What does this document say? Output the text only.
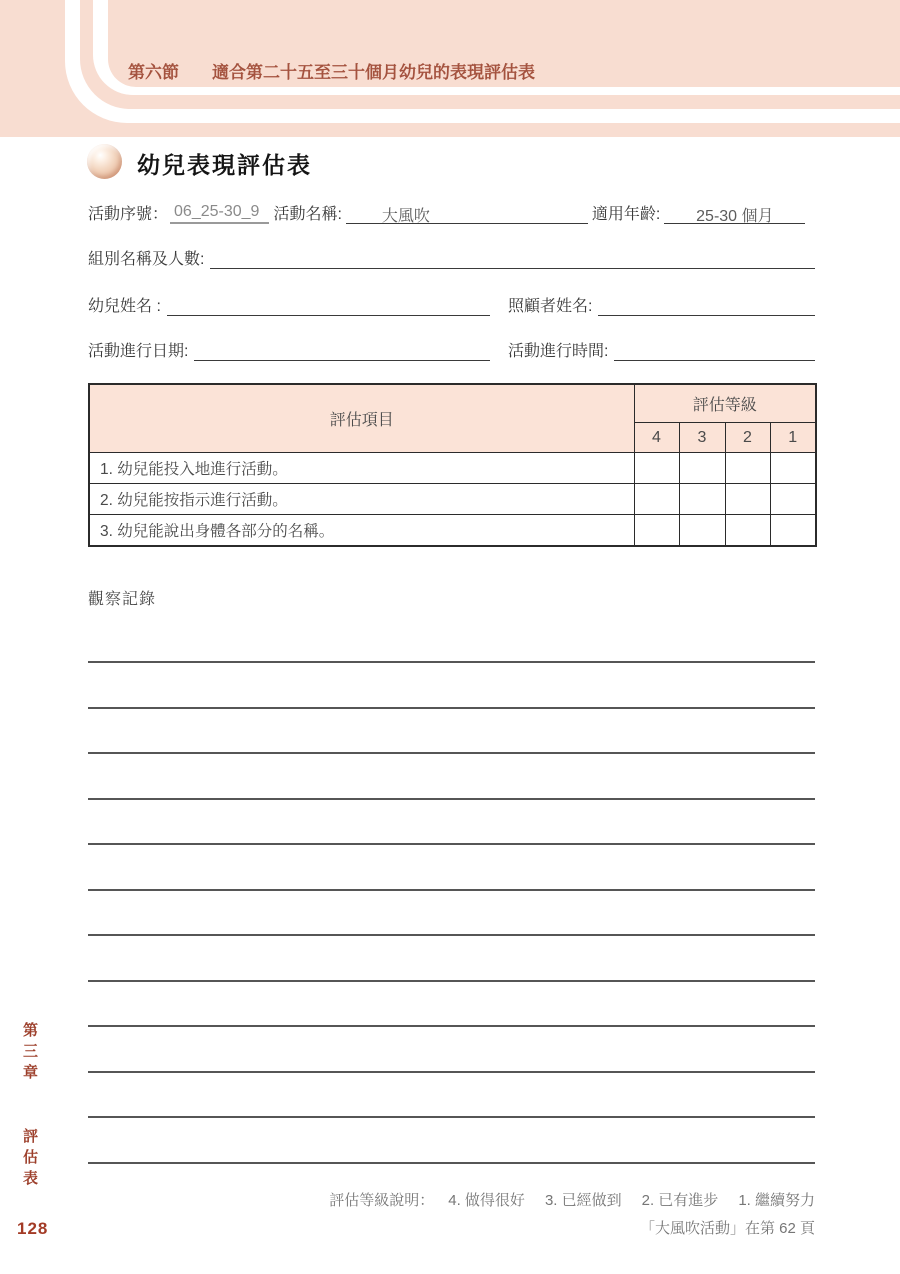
第六節 適合第二十五至三十個月幼兒的表現評估表
幼兒表現評估表
活動序號： 06_25-30_9 活動名稱:	大風吹	適用年齡:	25-30 個月
組別名稱及人數:
幼兒姓名 :	照顧者姓名:
活動進行日期:	活動進行時間:
評估項目	評估等級			
	4	3	2	1
1. 幼兒能投入地進行活動。				
2. 幼兒能按指示進行活動。				
3. 幼兒能說出身體各部分的名稱。				
觀察記錄
第三章 評估表
評估等級說明： 4. 做得很好 3. 已經做到 2. 已有進步 1. 繼續努力
「大風吹活動」在第 62 頁
128
